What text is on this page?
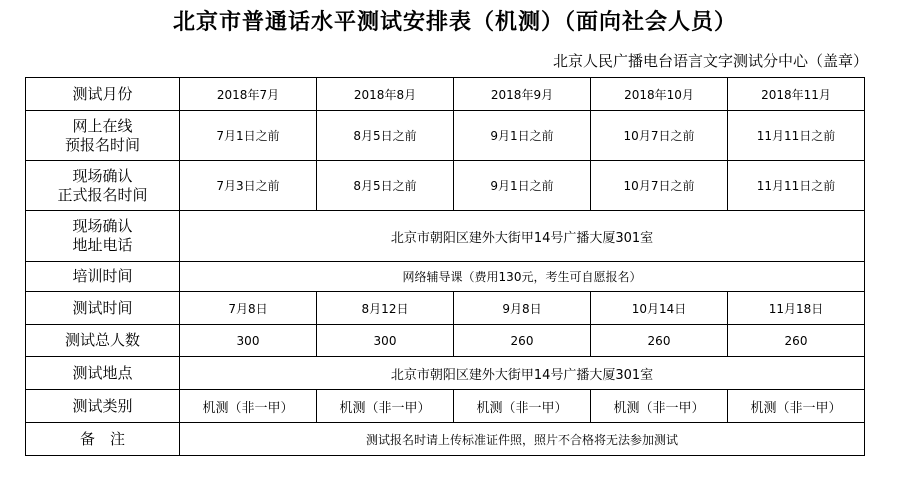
北京市普通话水平测试安排表（机测）（面向社会人员）
北京人民广播电台语言文字测试分中心（盖章）
测试月份	2018年7月	2018年8月	2018年9月	2018年10月	2018年11月

网上在线
预报名时间	7月1日之前	8月5日之前	9月1日之前	10月7日之前	11月11日之前

现场确认
正式报名时间	7月3日之前	8月5日之前	9月1日之前	10月7日之前	11月11日之前

现场确认
地址电话	北京市朝阳区建外大街甲14号广播大厦301室				
培训时间	网络辅导课（费用130元，考生可自愿报名）				
测试时间	7月8日	8月12日	9月8日	10月14日	11月18日
测试总人数	300	300	260	260	260
测试地点	北京市朝阳区建外大街甲14号广播大厦301室				
测试类别	机测（非一甲）	机测（非一甲）	机测（非一甲）	机测（非一甲）	机测（非一甲）
备　注	测试报名时请上传标准证件照，照片不合格将无法参加测试				
